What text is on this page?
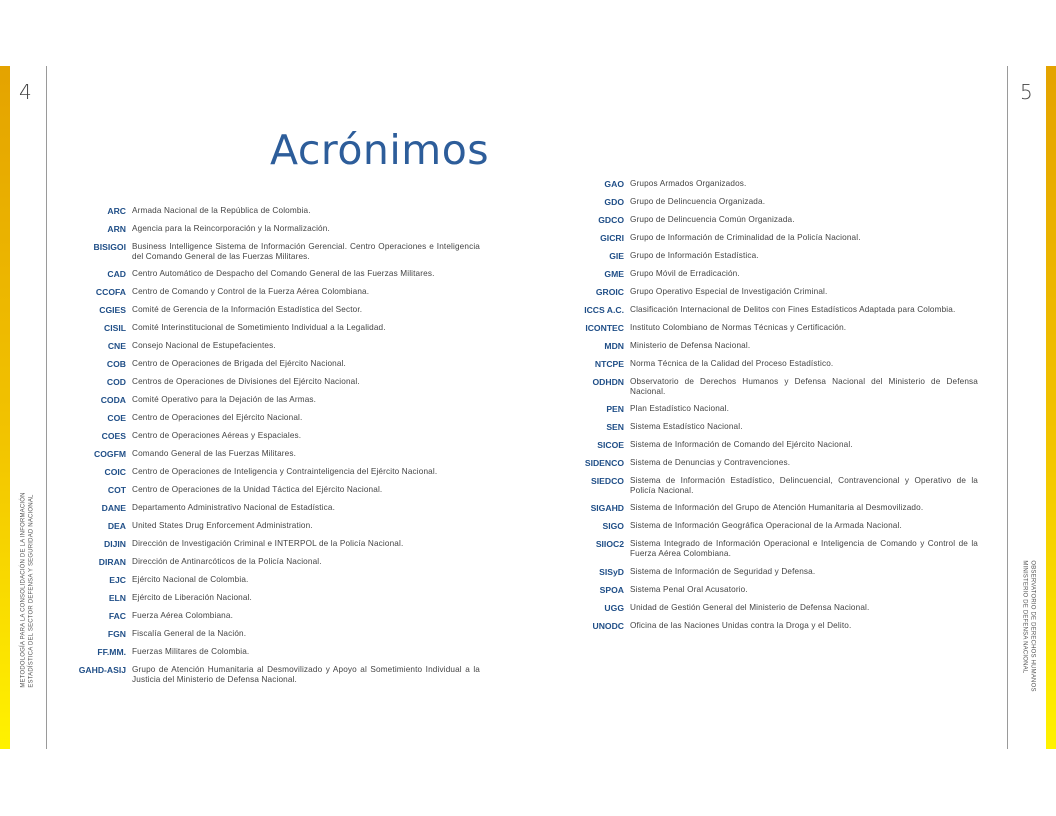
4	5
METODOLOGÍA PARA LA CONSOLIDACIÓN DE LA INFORMACIÓN ESTADÍSTICA DEL SECTOR DEFENSA Y SEGURIDAD NACIONAL	OBSERVATORIO DE DERECHOS HUMANOS
MINISTERIO DE DEFENSA NACIONAL
Acrónimos
ARC Armada Nacional de la República de Colombia.
ARN Agencia para la Reincorporación y la Normalización.
BISIGOI Business Intelligence Sistema de Información Gerencial. Centro Operaciones e Inteligencia del Comando General de las Fuerzas Militares.
CAD Centro Automático de Despacho del Comando General de las Fuerzas Militares.
CCOFA Centro de Comando y Control de la Fuerza Aérea Colombiana.
CGIES Comité de Gerencia de la Información Estadística del Sector.
CISIL Comité Interinstitucional de Sometimiento Individual a la Legalidad.
CNE Consejo Nacional de Estupefacientes.
COB Centro de Operaciones de Brigada del Ejército Nacional.
COD Centros de Operaciones de Divisiones del Ejército Nacional.
CODA Comité Operativo para la Dejación de las Armas.
COE Centro de Operaciones del Ejército Nacional.
COES Centro de Operaciones Aéreas y Espaciales.
COGFM Comando General de las Fuerzas Militares.
COIC Centro de Operaciones de Inteligencia y Contrainteligencia del Ejército Nacional.
COT Centro de Operaciones de la Unidad Táctica del Ejército Nacional.
DANE Departamento Administrativo Nacional de Estadística.
DEA United States Drug Enforcement Administration.
DIJIN Dirección de Investigación Criminal e INTERPOL de la Policía Nacional.
DIRAN Dirección de Antinarcóticos de la Policía Nacional.
EJC Ejército Nacional de Colombia.
ELN Ejército de Liberación Nacional.
FAC Fuerza Aérea Colombiana.
FGN Fiscalía General de la Nación.
FF.MM. Fuerzas Militares de Colombia.
GAHD-ASIJ Grupo de Atención Humanitaria al Desmovilizado y Apoyo al Sometimiento Individual a la Justicia del Ministerio de Defensa Nacional.
GAO Grupos Armados Organizados.
GDO Grupo de Delincuencia Organizada.
GDCO Grupo de Delincuencia Común Organizada.
GICRI Grupo de Información de Criminalidad de la Policía Nacional.
GIE Grupo de Información Estadística.
GME Grupo Móvil de Erradicación.
GROIC Grupo Operativo Especial de Investigación Criminal.
ICCS A.C. Clasificación Internacional de Delitos con Fines Estadísticos Adaptada para Colombia.
ICONTEC Instituto Colombiano de Normas Técnicas y Certificación.
MDN Ministerio de Defensa Nacional.
NTCPE Norma Técnica de la Calidad del Proceso Estadístico.
ODHDN Observatorio de Derechos Humanos y Defensa Nacional del Ministerio de Defensa Nacional.
PEN Plan Estadístico Nacional.
SEN Sistema Estadístico Nacional.
SICOE Sistema de Información de Comando del Ejército Nacional.
SIDENCO Sistema de Denuncias y Contravenciones.
SIEDCO Sistema de Información Estadístico, Delincuencial, Contravencional y Operativo de la Policía Nacional.
SIGAHD Sistema de Información del Grupo de Atención Humanitaria al Desmovilizado.
SIGO Sistema de Información Geográfica Operacional de la Armada Nacional.
SIIOC2 Sistema Integrado de Información Operacional e Inteligencia de Comando y Control de la Fuerza Aérea Colombiana.
SISyD Sistema de Información de Seguridad y Defensa.
SPOA Sistema Penal Oral Acusatorio.
UGG Unidad de Gestión General del Ministerio de Defensa Nacional.
UNODC Oficina de las Naciones Unidas contra la Droga y el Delito.
